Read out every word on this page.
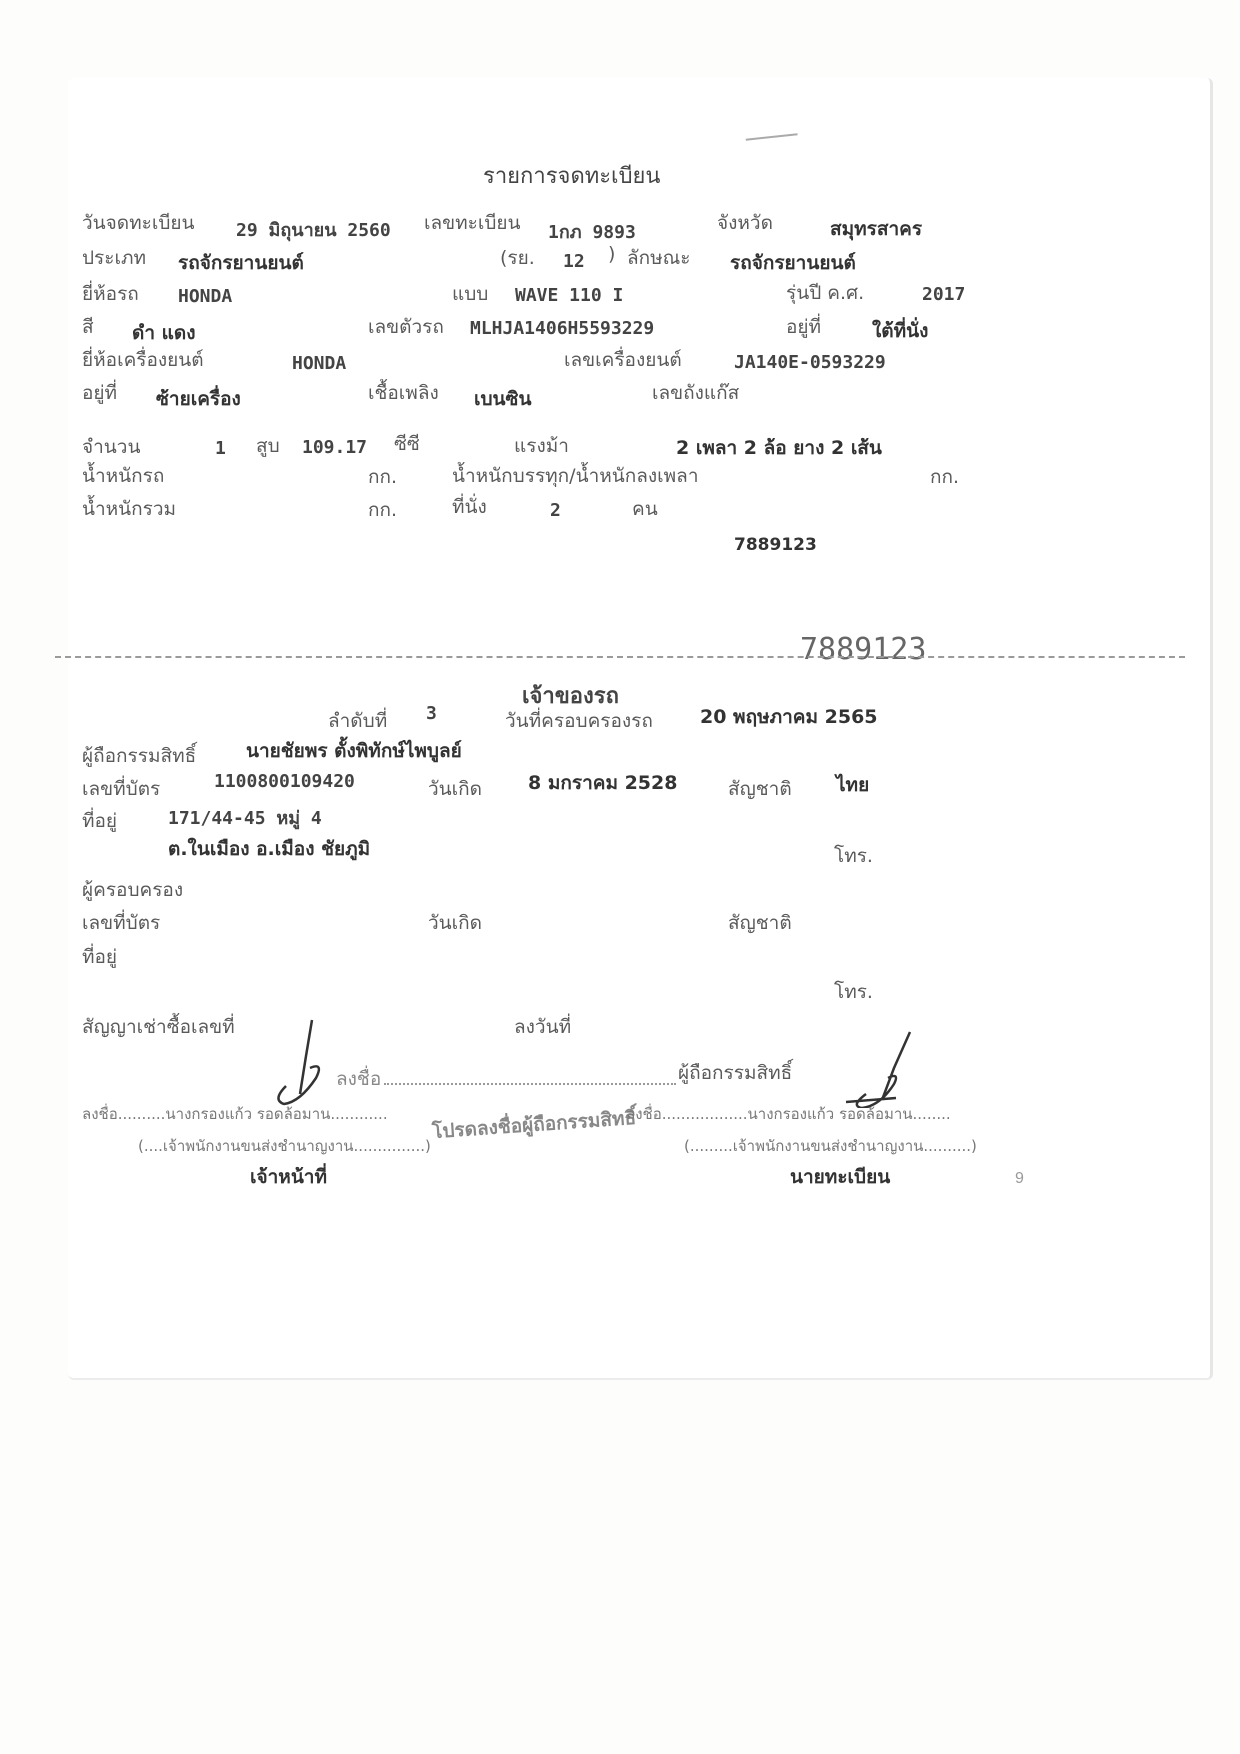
รายการจดทะเบียน
วันจดทะเบียน 29 มิถุนายน 2560 เลขทะเบียน 1กภ 9893	จังหวัด	สมุทรสาคร
ประเภท รถจักรยานยนต์	(รย. 12 ) ลักษณะ รถจักรยานยนต์
ยี่ห้อรถ HONDA	แบบ WAVE 110 I	รุ่นปี ค.ศ.	2017
สี ดำ แดง	เลขตัวรถ MLHJA1406H5593229	อยู่ที่	ใต้ที่นั่ง
ยี่ห้อเครื่องยนต์	HONDA	เลขเครื่องยนต์	JA140E-0593229
อยู่ที่ ซ้ายเครื่อง	เชื้อเพลิง เบนซิน	เลขถังแก๊ส
จำนวน	1 สูบ 109.17 ซีซี	แรงม้า	2 เพลา 2 ล้อ ยาง 2 เส้น
น้ำหนักรถ	กก.	น้ำหนักบรรทุก/น้ำหนักลงเพลา	กก.
น้ำหนักรวม	กก.	ที่นั่ง	2	คน
7889123
7889123
เจ้าของรถ
ลำดับที่ 3	วันที่ครอบครองรถ 20 พฤษภาคม 2565
ผู้ถือกรรมสิทธิ์	นายชัยพร ตั้งพิทักษ์ไพบูลย์
เลขที่บัตร	1100800109420	วันเกิด 8 มกราคม 2528	สัญชาติ ไทย
ที่อยู่	171/44-45 หมู่ 4
ต.ในเมือง อ.เมือง ชัยภูมิ	โทร.
ผู้ครอบครอง
เลขที่บัตร	วันเกิด	สัญชาติ
ที่อยู่
โทร.
สัญญาเช่าซื้อเลขที่	ลงวันที่
ลงชื่อ	ผู้ถือกรรมสิทธิ์
ลงชื่อ..........นางกรองแก้ว รอดล้อมาน............
(....เจ้าพนักงานขนส่งชำนาญงาน...............)
เจ้าหน้าที่
โปรดลงชื่อผู้ถือกรรมสิทธิ์
ลงชื่อ..................นางกรองแก้ว รอดล้อมาน........
(.........เจ้าพนักงานขนส่งชำนาญงาน..........)
นายทะเบียน	9
